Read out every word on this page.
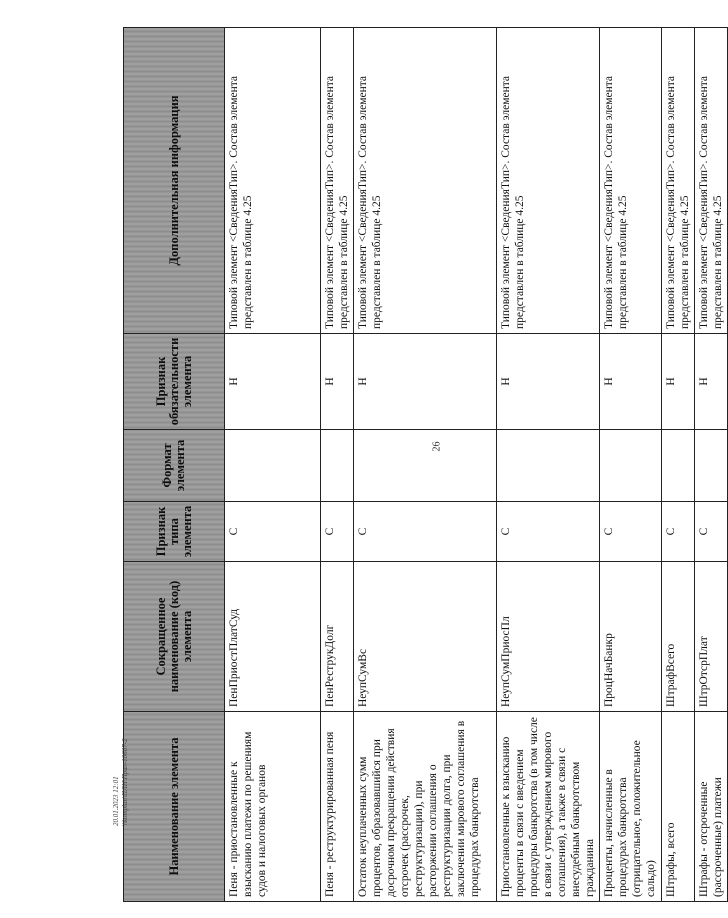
26
Наименование элемента	Сокращенное наименование (код) элемента	Признак типа элемента	Формат элемента	Признак обязательности элемента	Дополнительная информация
Пеня - приостановленные к взысканию платежи по решениям судов и налоговых органов	ПенПриостПлатСуд	С		Н	Типовой элемент <СведенияТип>. Состав элемента представлен в таблице 4.25
Пеня - реструктурированная пеня	ПенРеструкДолг	С		Н	Типовой элемент <СведенияТип>. Состав элемента представлен в таблице 4.25
Остаток неуплаченных сумм процентов, образовавшийся при досрочном прекращении действия отсрочек (рассрочек, реструктуризации), при расторжении соглашения о реструктуризации долга, при заключении мирового соглашения в процедурах банкротства	НеупСумВс	С		Н	Типовой элемент <СведенияТип>. Состав элемента представлен в таблице 4.25
Приостановленные к взысканию проценты в связи с введением процедуры банкротства (в том числе в связи с утверждением мирового соглашения), а также в связи с внесудебным банкротством гражданина	НеупСумПриосПл	С		Н	Типовой элемент <СведенияТип>. Состав элемента представлен в таблице 4.25
Проценты, начисленные в процедурах банкротства (отрицательное, положительное сальдо)	ПроцНачБанкр	С		Н	Типовой элемент <СведенияТип>. Состав элемента представлен в таблице 4.25
Штрафы, всего	ШтрафВсего	С		Н	Типовой элемент <СведенияТип>. Состав элемента представлен в таблице 4.25
Штрафы - отсроченные (рассроченные) платежи	ШтрОтсрПлат	С		Н	Типовой элемент <СведенияТип>. Состав элемента представлен в таблице 4.25
20.01.2023 12:01 \\komplan\ПЛН\Прил-10607-2
